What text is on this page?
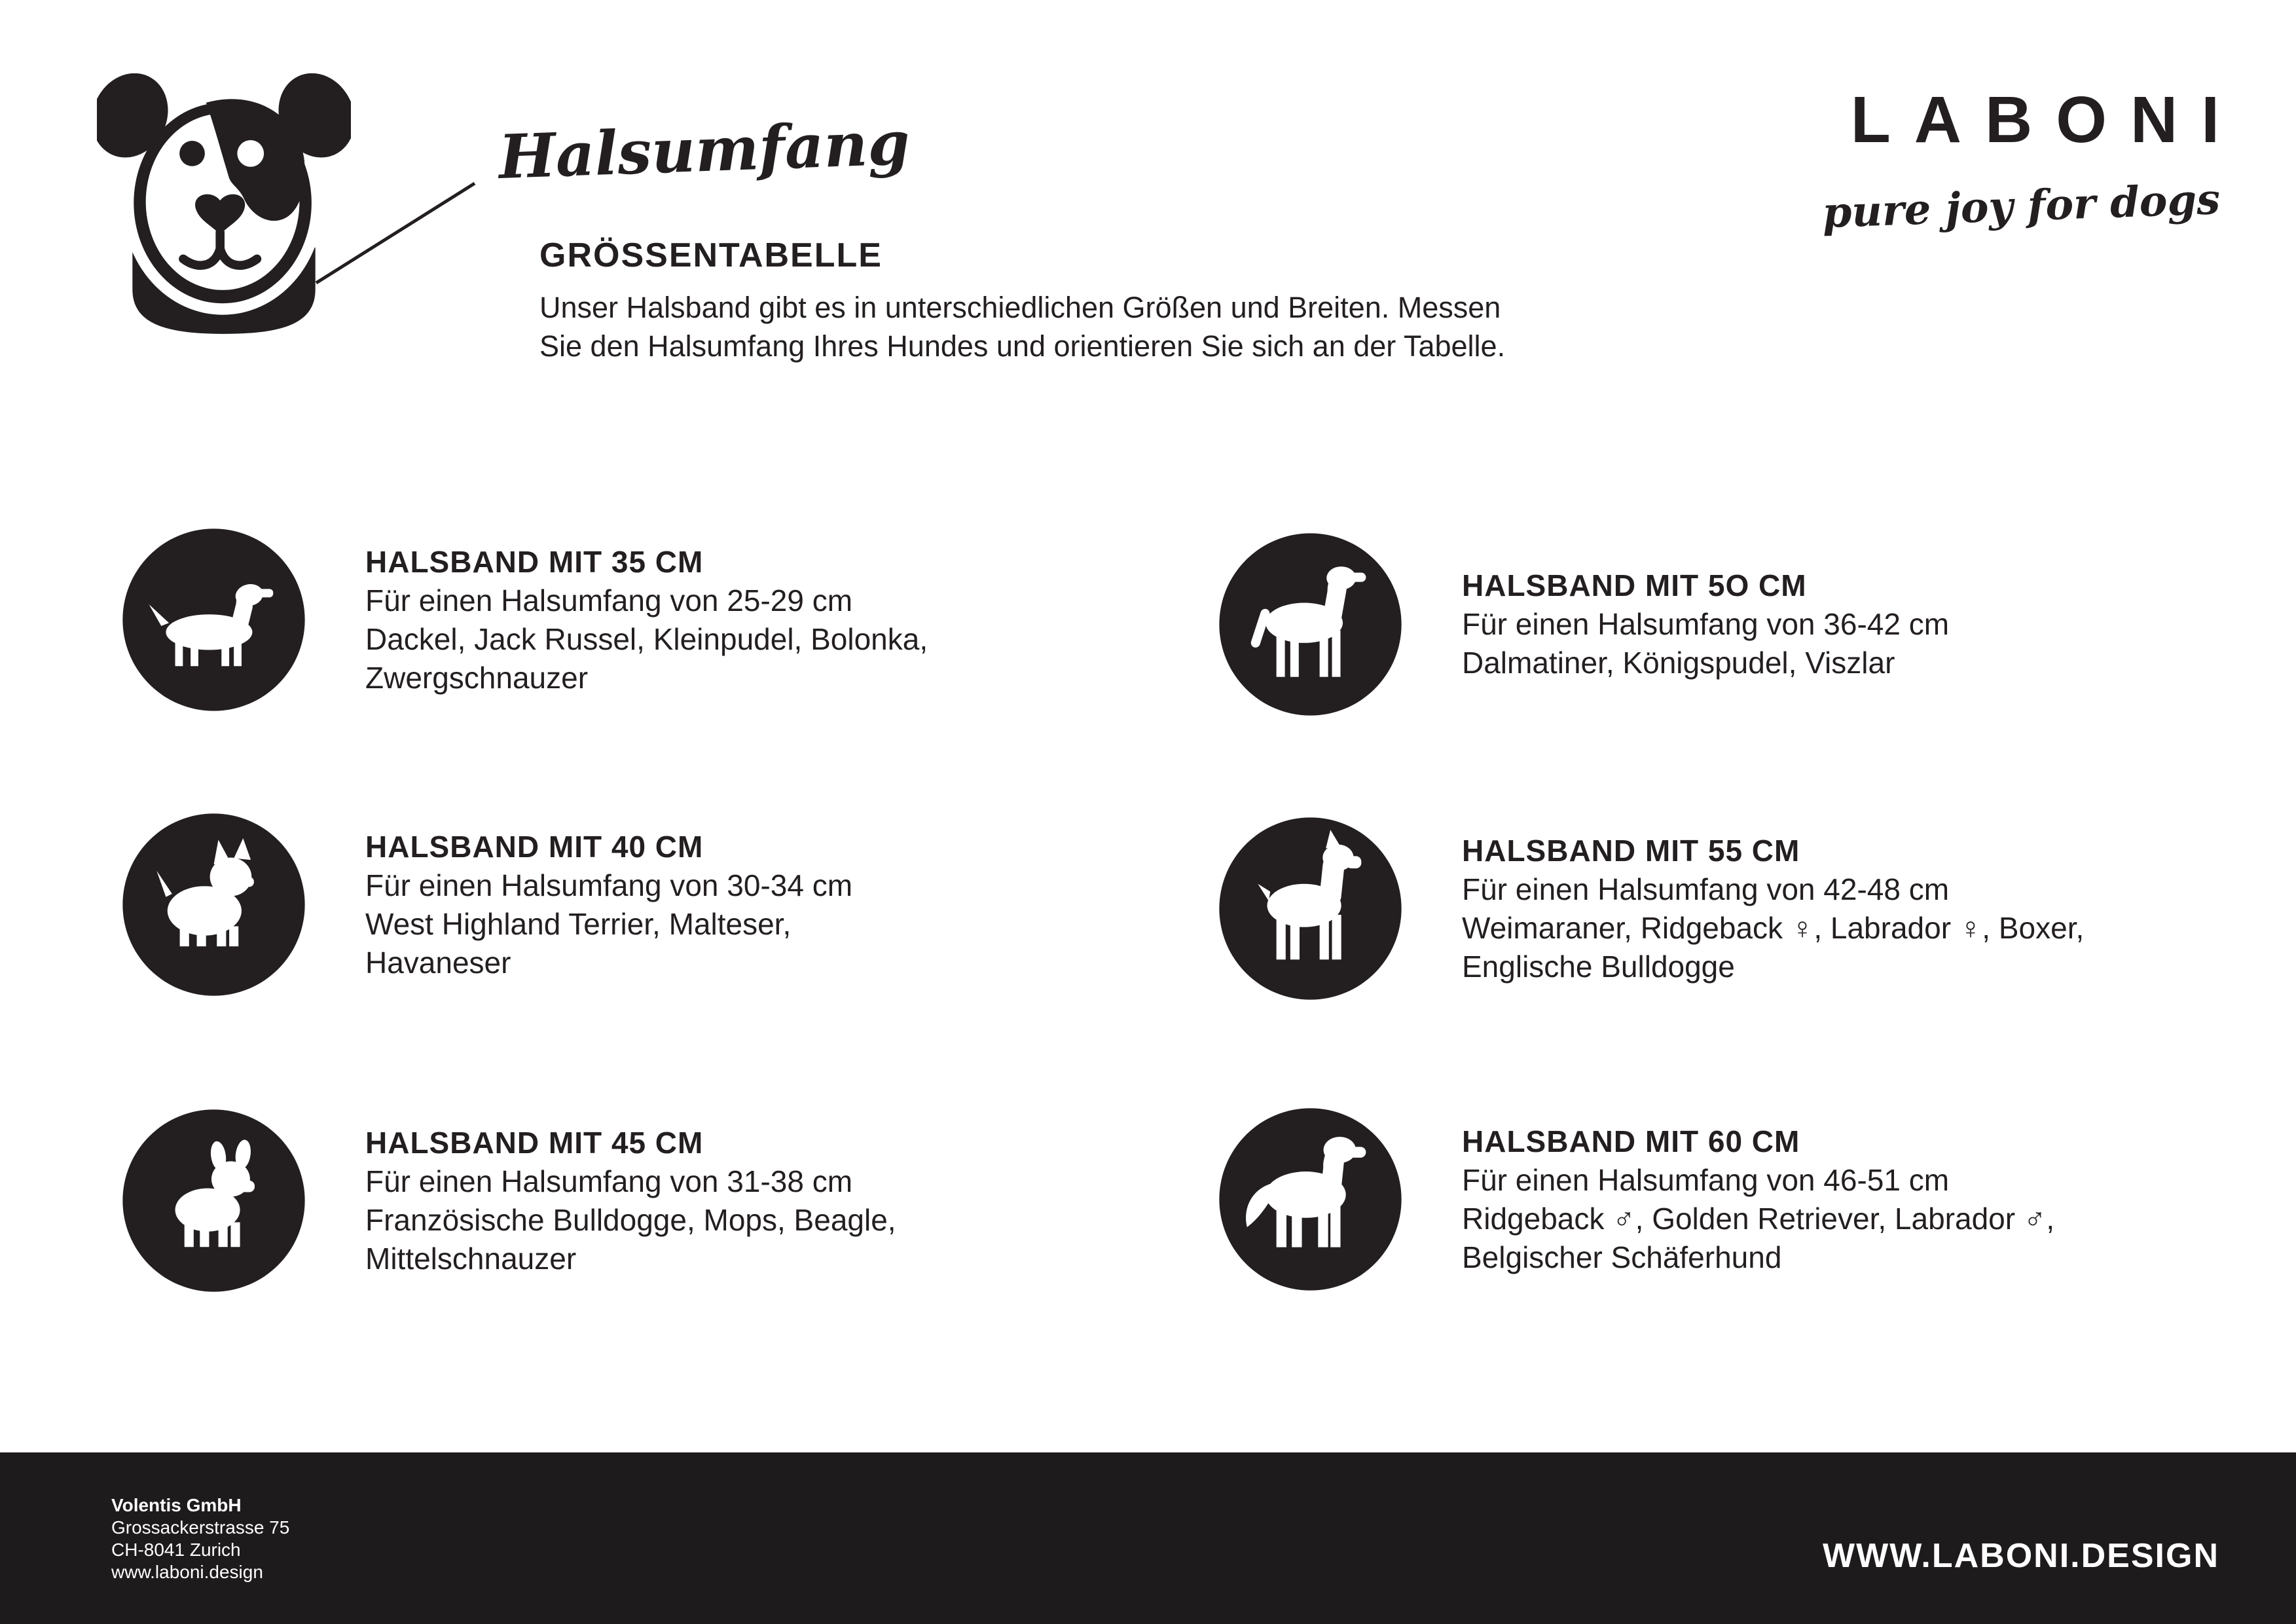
Halsumfang
GRÖSSENTABELLE

Unser Halsband gibt es in unterschiedlichen Größen und Breiten. Messen

Sie den Halsumfang Ihres Hundes und orientieren Sie sich an der Tabelle.

LABONI
pure joy for dogs

HALSBAND MIT 35 CM

Für einen Halsumfang von 25-29 cm

Dackel, Jack Russel, Kleinpudel, Bolonka,

Zwergschnauzer

HALSBAND MIT 5O CM

Für einen Halsumfang von 36-42 cm

Dalmatiner, Königspudel, Viszlar

HALSBAND MIT 40 CM

Für einen Halsumfang von 30-34 cm

West Highland Terrier, Malteser,

Havaneser

HALSBAND MIT 55 CM

Für einen Halsumfang von 42-48 cm

Weimaraner, Ridgeback ♀, Labrador ♀, Boxer,

Englische Bulldogge

HALSBAND MIT 45 CM

Für einen Halsumfang von 31-38 cm

Französische Bulldogge, Mops, Beagle,

Mittelschnauzer

HALSBAND MIT 60 CM

Für einen Halsumfang von 46-51 cm

Ridgeback ♂, Golden Retriever, Labrador ♂,

Belgischer Schäferhund

Volentis GmbH

Grossackerstrasse 75

CH-8041 Zurich

www.laboni.design	WWW.LABONI.DESIGN
